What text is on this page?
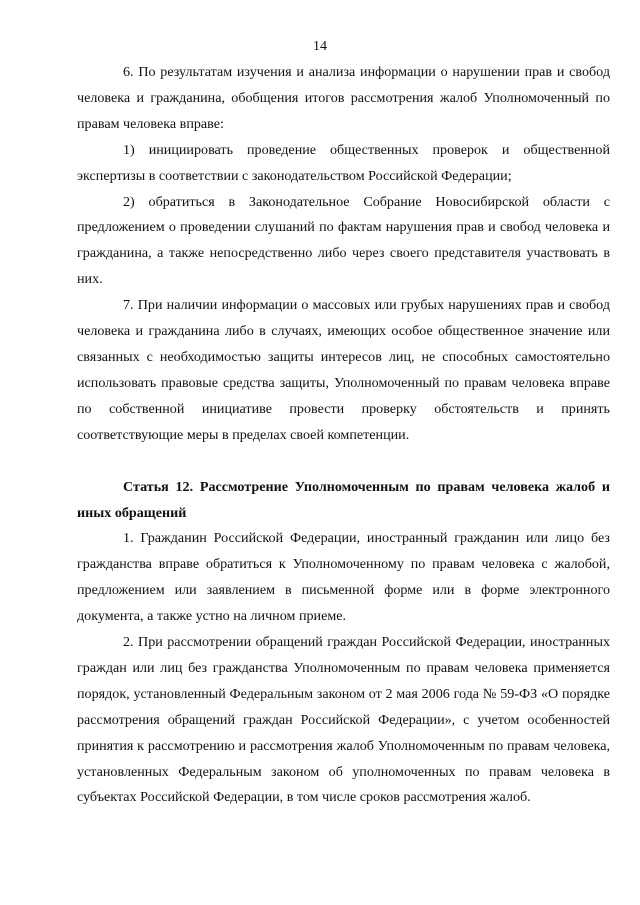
14

6. По результатам изучения и анализа информации о нарушении прав и свобод человека и гражданина, обобщения итогов рассмотрения жалоб Уполномоченный по правам человека вправе:

1) инициировать проведение общественных проверок и общественной экспертизы в соответствии с законодательством Российской Федерации;

2) обратиться в Законодательное Собрание Новосибирской области с предложением о проведении слушаний по фактам нарушения прав и свобод человека и гражданина, а также непосредственно либо через своего представителя участвовать в них.

7. При наличии информации о массовых или грубых нарушениях прав и свобод человека и гражданина либо в случаях, имеющих особое общественное значение или связанных с необходимостью защиты интересов лиц, не способных самостоятельно использовать правовые средства защиты, Уполномоченный по правам человека вправе по собственной инициативе провести проверку обстоятельств и принять соответствующие меры в пределах своей компетенции.

Статья 12. Рассмотрение Уполномоченным по правам человека жалоб и иных обращений

1. Гражданин Российской Федерации, иностранный гражданин или лицо без гражданства вправе обратиться к Уполномоченному по правам человека с жалобой, предложением или заявлением в письменной форме или в форме электронного документа, а также устно на личном приеме.

2. При рассмотрении обращений граждан Российской Федерации, иностранных граждан или лиц без гражданства Уполномоченным по правам человека применяется порядок, установленный Федеральным законом от 2 мая 2006 года № 59-ФЗ «О порядке рассмотрения обращений граждан Российской Федерации», с учетом особенностей принятия к рассмотрению и рассмотрения жалоб Уполномоченным по правам человека, установленных Федеральным законом об уполномоченных по правам человека в субъектах Российской Федерации, в том числе сроков рассмотрения жалоб.
